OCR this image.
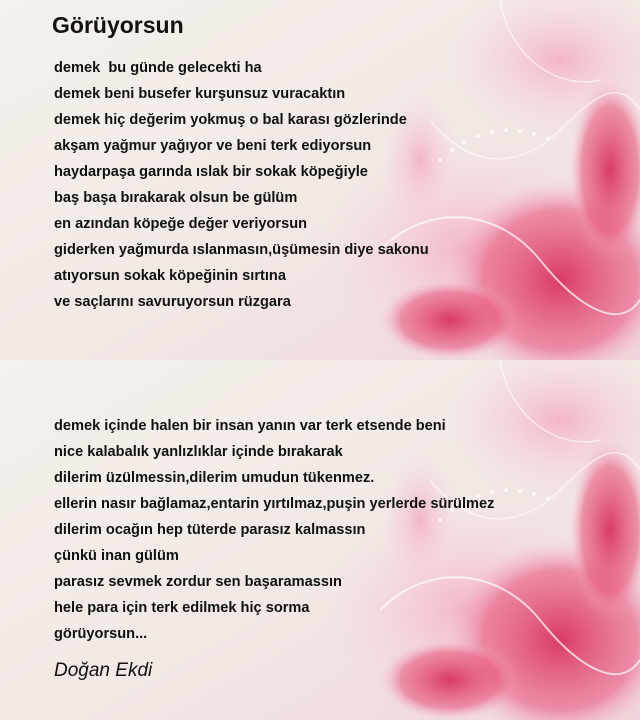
Görüyorsun
demek  bu günde gelecekti ha
demek beni busefer kurşunsuz vuracaktın
demek hiç değerim yokmuş o bal karası gözlerinde
akşam yağmur yağıyor ve beni terk ediyorsun
haydarpaşa garında ıslak bir sokak köpeğiyle
baş başa bırakarak olsun be gülüm
en azından köpeğe değer veriyorsun
giderken yağmurda ıslanmasın,üşümesin diye sakonu
atıyorsun sokak köpeğinin sırtına
ve saçlarını savuruyorsun rüzgara
demek içinde halen bir insan yanın var terk etsende beni
nice kalabalık yanlızlıklar içinde bırakarak
dilerim üzülmessin,dilerim umudun tükenmez.
ellerin nasır bağlamaz,entarin yırtılmaz,puşin yerlerde sürülmez
dilerim ocağın hep tüterde parasız kalmassın
çünkü inan gülüm
parasız sevmek zordur sen başaramassın
hele para için terk edilmek hiç sorma
görüyorsun...
Doğan Ekdi
